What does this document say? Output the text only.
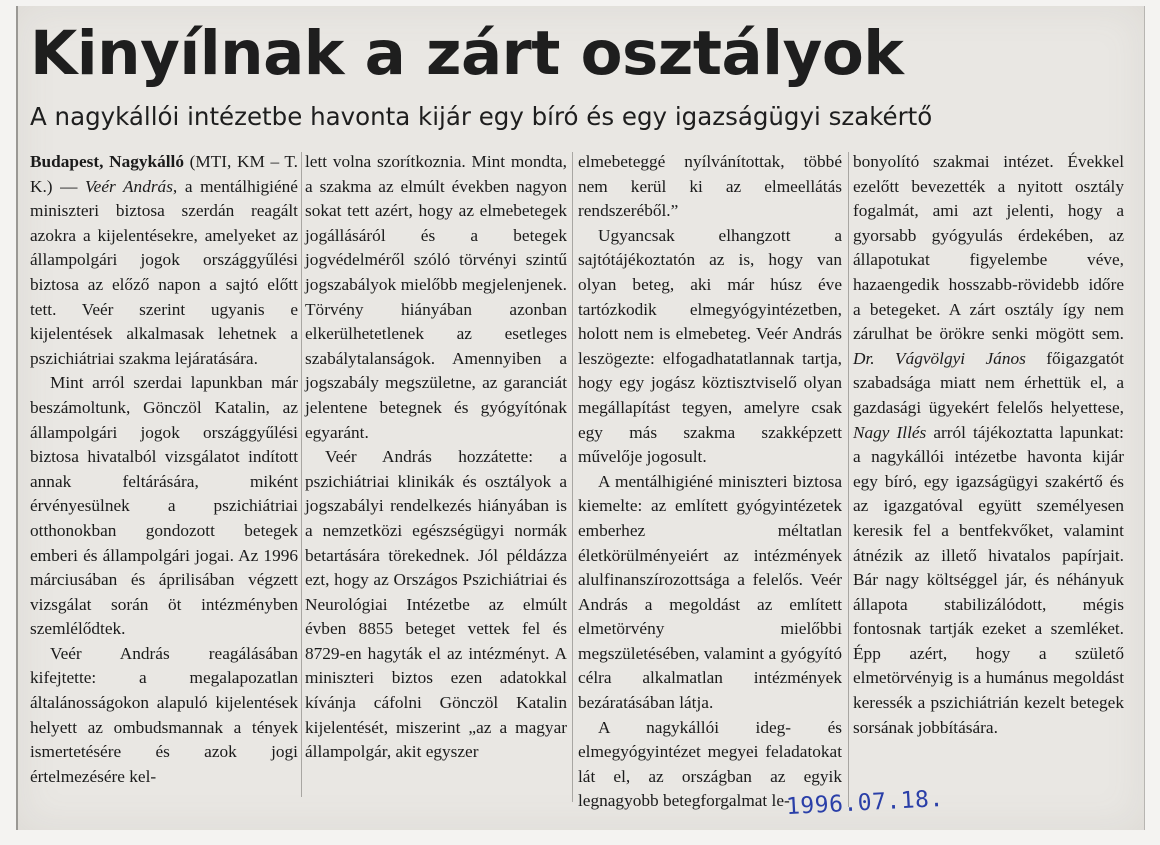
Kinyílnak a zárt osztályok
A nagykállói intézetbe havonta kijár egy bíró és egy igazságügyi szakértő

Budapest, Nagykálló (MTI, KM – T. K.) — Veér András, a mentálhigiéné miniszteri biztosa szerdán reagált azokra a kijelentésekre, amelyeket az állampolgári jogok országgyűlési biztosa az előző napon a sajtó előtt tett. Veér szerint ugyanis e kijelentések alkalmasak lehetnek a pszichiátriai szakma lejáratására.

Mint arról szerdai lapunkban már beszámoltunk, Gönczöl Katalin, az állampolgári jogok országgyűlési biztosa hivatalból vizsgálatot indított annak feltárására, miként érvényesülnek a pszichiátriai otthonokban gondozott betegek emberi és állampolgári jogai. Az 1996 márciusában és áprilisában végzett vizsgálat során öt intézményben szemlélődtek.

Veér András reagálásában kifejtette: a megalapozatlan általánosságokon alapuló kijelentések helyett az ombudsmannak a tények ismertetésére és azok jogi értelmezésére kel-

lett volna szorítkoznia. Mint mondta, a szakma az elmúlt években nagyon sokat tett azért, hogy az elmebetegek jogállásáról és a betegek jogvédelméről szóló törvényi szintű jogszabályok mielőbb megjelenjenek. Törvény hiányában azonban elkerülhetetlenek az esetleges szabálytalanságok. Amennyiben a jogszabály megszületne, az garanciát jelentene betegnek és gyógyítónak egyaránt.

Veér András hozzátette: a pszichiátriai klinikák és osztályok a jogszabályi rendelkezés hiányában is a nemzetközi egészségügyi normák betartására törekednek. Jól példázza ezt, hogy az Országos Pszichiátriai és Neurológiai Intézetbe az elmúlt évben 8855 beteget vettek fel és 8729-en hagyták el az intézményt. A miniszteri biztos ezen adatokkal kívánja cáfolni Gönczöl Katalin kijelentését, miszerint „az a magyar állampolgár, akit egyszer

elmebeteggé nyílvánítottak, többé nem kerül ki az elmeellátás rendszeréből.”

Ugyancsak elhangzott a sajtótájékoztatón az is, hogy van olyan beteg, aki már húsz éve tartózkodik elmegyógyintézetben, holott nem is elmebeteg. Veér András leszögezte: elfogadhatatlannak tartja, hogy egy jogász köztisztviselő olyan megállapítást tegyen, amelyre csak egy más szakma szakképzett művelője jogosult.

A mentálhigiéné miniszteri biztosa kiemelte: az említett gyógyintézetek emberhez méltatlan életkörülményeiért az intézmények alulfinanszírozottsága a felelős. Veér András a megoldást az említett elmetörvény mielőbbi megszületésében, valamint a gyógyító célra alkalmatlan intézmények bezáratásában látja.

A nagykállói ideg- és elmegyógyintézet megyei feladatokat lát el, az országban az egyik legnagyobb betegforgalmat le-

bonyolító szakmai intézet. Évekkel ezelőtt bevezették a nyitott osztály fogalmát, ami azt jelenti, hogy a gyorsabb gyógyulás érdekében, az állapotukat figyelembe véve, hazaengedik hosszabb-rövidebb időre a betegeket. A zárt osztály így nem zárulhat be örökre senki mögött sem. Dr. Vágvölgyi János főigazgatót szabadsága miatt nem érhettük el, a gazdasági ügyekért felelős helyettese, Nagy Illés arról tájékoztatta lapunkat: a nagykállói intézetbe havonta kijár egy bíró, egy igazságügyi szakértő és az igazgatóval együtt személyesen keresik fel a bentfekvőket, valamint átnézik az illető hivatalos papírjait. Bár nagy költséggel jár, és néhányuk állapota stabilizálódott, mégis fontosnak tartják ezeket a szemléket. Épp azért, hogy a születő elmetörvényig is a humánus megoldást keressék a pszichiátrián kezelt betegek sorsának jobbítására.

1996.07.18.
